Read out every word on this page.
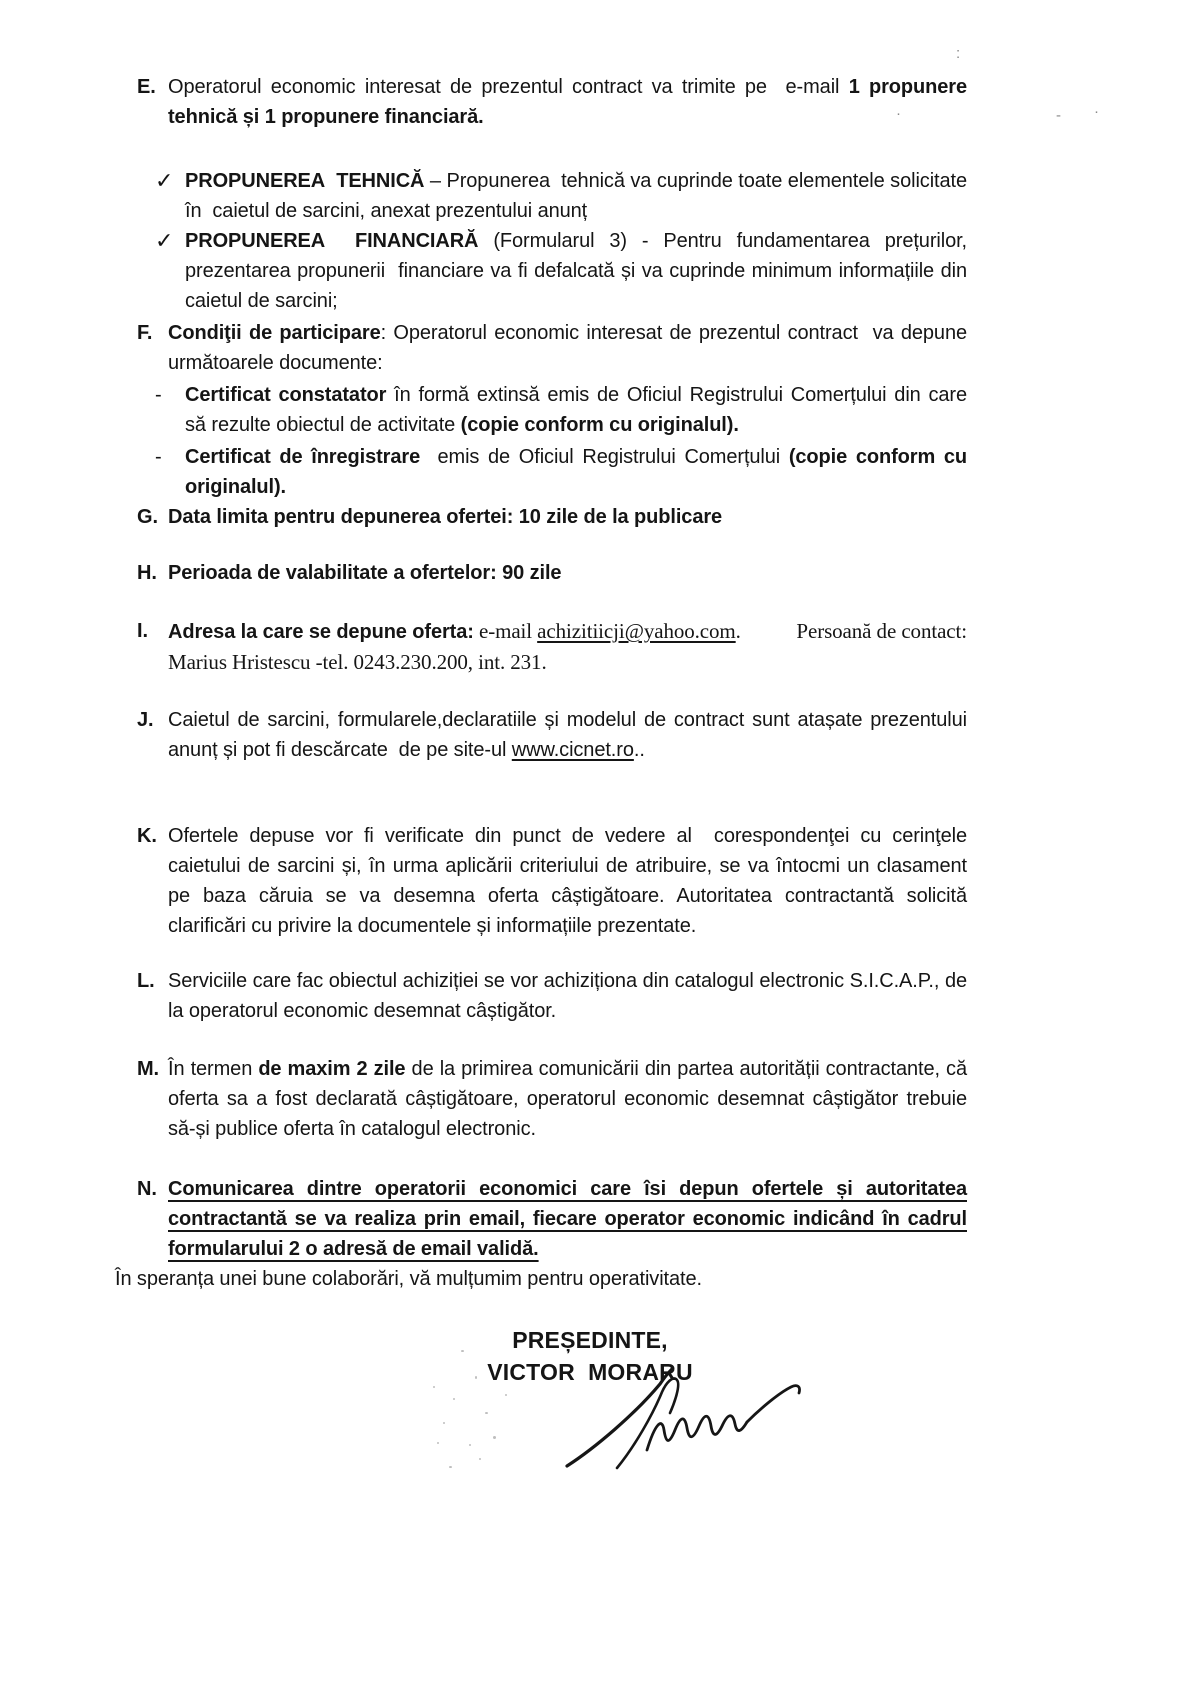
E. Operatorul economic interesat de prezentul contract va trimite pe  e-mail 1 propunere tehnică și 1 propunere financiară.
✓ PROPUNEREA  TEHNICĂ – Propunerea  tehnică va cuprinde toate elementele solicitate în  caietul de sarcini, anexat prezentului anunț
✓ PROPUNEREA  FINANCIARĂ (Formularul 3) - Pentru fundamentarea prețurilor, prezentarea propunerii  financiare va fi defalcată și va cuprinde minimum informațiile din caietul de sarcini;
F. Condiţii de participare: Operatorul economic interesat de prezentul contract  va depune următoarele documente:
- Certificat constatator în formă extinsă emis de Oficiul Registrului Comerțului din care să rezulte obiectul de activitate (copie conform cu originalul).
- Certificat de înregistrare  emis de Oficiul Registrului Comerțului (copie conform cu originalul).
G. Data limita pentru depunerea ofertei: 10 zile de la publicare
H. Perioada de valabilitate a ofertelor: 90 zile
I. Adresa la care se depune oferta: e-mail achizitiicji@yahoo.com.	Persoană de contact:
Marius Hristescu -tel. 0243.230.200, int. 231.
J. Caietul de sarcini, formularele,declaratiile și modelul de contract sunt atașate prezentului anunț și pot fi descărcate  de pe site-ul www.cicnet.ro..
K. Ofertele depuse vor fi verificate din punct de vedere al  corespondenţei cu cerinţele caietului de sarcini și, în urma aplicării criteriului de atribuire, se va întocmi un clasament pe baza căruia se va desemna oferta câștigătoare. Autoritatea contractantă solicită clarificări cu privire la documentele și informațiile prezentate.
L. Serviciile care fac obiectul achiziției se vor achiziționa din catalogul electronic S.I.C.A.P., de la operatorul economic desemnat câștigător.
M. În termen de maxim 2 zile de la primirea comunicării din partea autorității contractante, că oferta sa a fost declarată câștigătoare, operatorul economic desemnat câștigător trebuie să-și publice oferta în catalogul electronic.
N. Comunicarea dintre operatorii economici care îsi depun ofertele și autoritatea contractantă se va realiza prin email, fiecare operator economic indicând în cadrul formularului 2 o adresă de email validă.
În speranța unei bune colaborări, vă mulțumim pentru operativitate.
PREȘEDINTE,
VICTOR  MORARU
:
·	- ·
